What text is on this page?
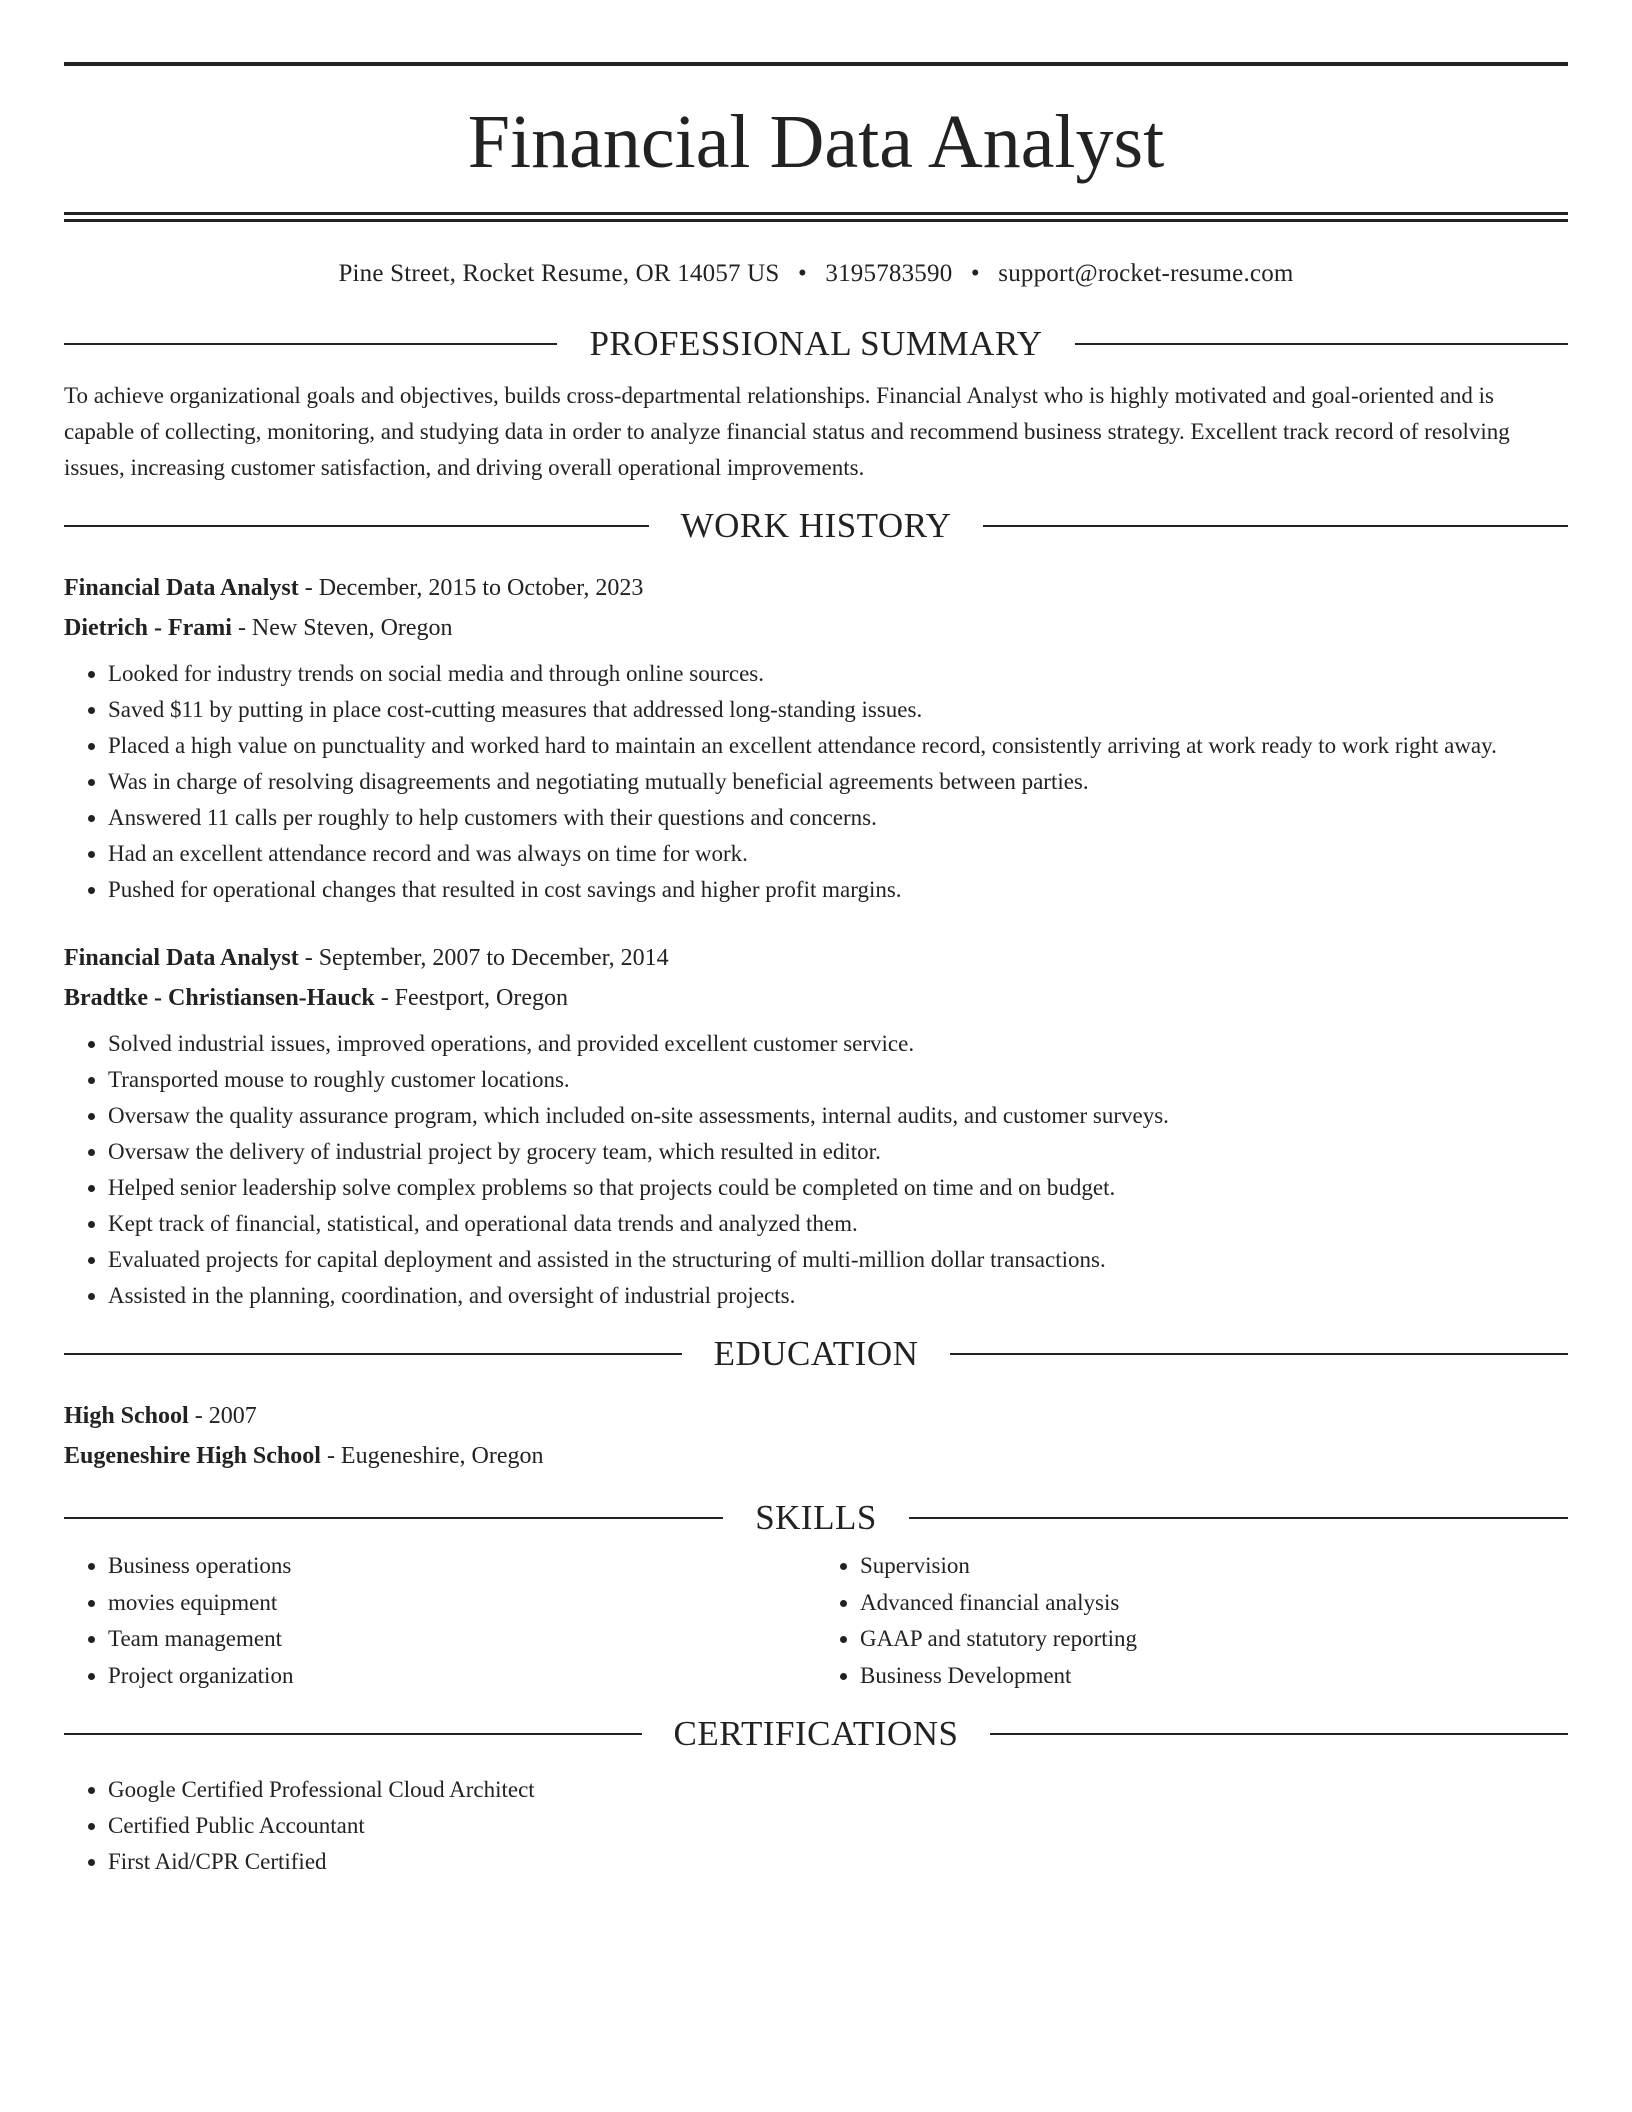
Financial Data Analyst
Pine Street, Rocket Resume, OR 14057 US • 3195783590 • support@rocket-resume.com
PROFESSIONAL SUMMARY

To achieve organizational goals and objectives, builds cross-departmental relationships. Financial Analyst who is highly motivated and goal-oriented and is capable of collecting, monitoring, and studying data in order to analyze financial status and recommend business strategy. Excellent track record of resolving issues, increasing customer satisfaction, and driving overall operational improvements.

WORK HISTORY
Financial Data Analyst - December, 2015 to October, 2023
Dietrich - Frami - New Steven, Oregon
• Looked for industry trends on social media and through online sources.
• Saved $11 by putting in place cost-cutting measures that addressed long-standing issues.
• Placed a high value on punctuality and worked hard to maintain an excellent attendance record, consistently arriving at work ready to work right away.
• Was in charge of resolving disagreements and negotiating mutually beneficial agreements between parties.
• Answered 11 calls per roughly to help customers with their questions and concerns.
• Had an excellent attendance record and was always on time for work.
• Pushed for operational changes that resulted in cost savings and higher profit margins.
Financial Data Analyst - September, 2007 to December, 2014
Bradtke - Christiansen-Hauck - Feestport, Oregon
• Solved industrial issues, improved operations, and provided excellent customer service.
• Transported mouse to roughly customer locations.
• Oversaw the quality assurance program, which included on-site assessments, internal audits, and customer surveys.
• Oversaw the delivery of industrial project by grocery team, which resulted in editor.
• Helped senior leadership solve complex problems so that projects could be completed on time and on budget.
• Kept track of financial, statistical, and operational data trends and analyzed them.
• Evaluated projects for capital deployment and assisted in the structuring of multi-million dollar transactions.
• Assisted in the planning, coordination, and oversight of industrial projects.
EDUCATION
High School - 2007
Eugeneshire High School - Eugeneshire, Oregon
SKILLS
• Business operations
• movies equipment
• Team management
• Project organization
• Supervision
• Advanced financial analysis
• GAAP and statutory reporting
• Business Development
CERTIFICATIONS
• Google Certified Professional Cloud Architect
• Certified Public Accountant
• First Aid/CPR Certified
